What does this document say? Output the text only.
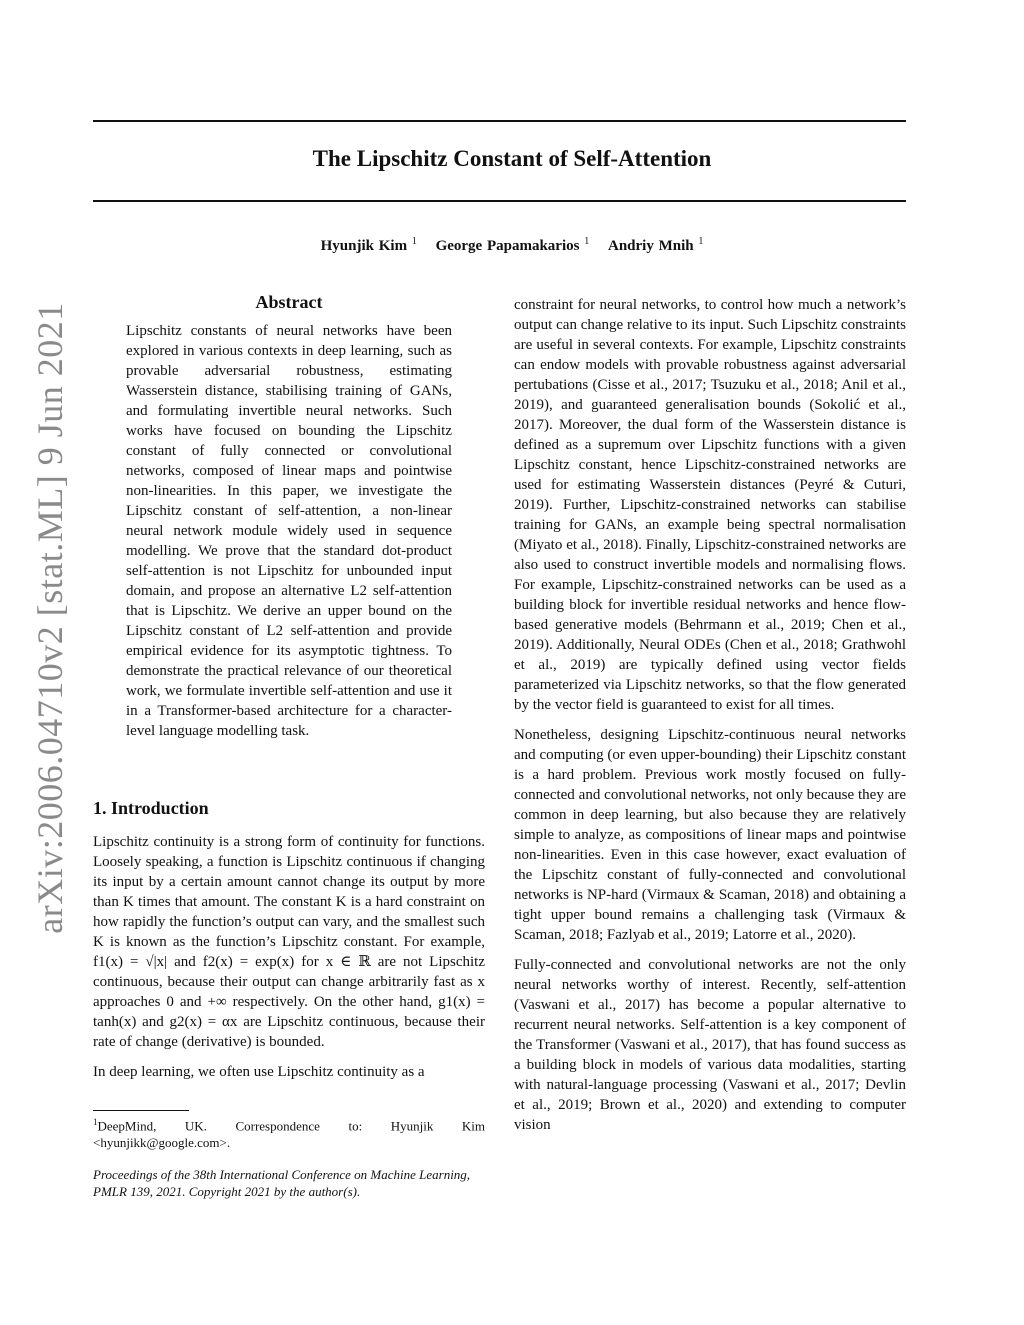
The Lipschitz Constant of Self-Attention
Hyunjik Kim $^1$ George Papamakarios $^1$ Andriy Mnih $^1$
arXiv:2006.04710v2 [stat.ML] 9 Jun 2021
Abstract

Lipschitz constants of neural networks have been explored in various contexts in deep learning, such as provable adversarial robustness, estimating Wasserstein distance, stabilising training of GANs, and formulating invertible neural networks. Such works have focused on bounding the Lipschitz constant of fully connected or convolutional networks, composed of linear maps and pointwise non-linearities. In this paper, we investigate the Lipschitz constant of self-attention, a non-linear neural network module widely used in sequence modelling. We prove that the standard dot-product self-attention is not Lipschitz for unbounded input domain, and propose an alternative L2 self-attention that is Lipschitz. We derive an upper bound on the Lipschitz constant of L2 self-attention and provide empirical evidence for its asymptotic tightness. To demonstrate the practical relevance of our theoretical work, we formulate invertible self-attention and use it in a Transformer-based architecture for a character-level language modelling task.

1. Introduction

Lipschitz continuity is a strong form of continuity for functions. Loosely speaking, a function is Lipschitz continuous if changing its input by a certain amount cannot change its output by more than K times that amount. The constant K is a hard constraint on how rapidly the function’s output can vary, and the smallest such K is known as the function’s Lipschitz constant. For example, f1(x) = √|x| and f2(x) = exp(x) for x ∈ ℝ are not Lipschitz continuous, because their output can change arbitrarily fast as x approaches 0 and +∞ respectively. On the other hand, g1(x) = tanh(x) and g2(x) = αx are Lipschitz continuous, because their rate of change (derivative) is bounded.

In deep learning, we often use Lipschitz continuity as a

$^1$DeepMind, UK. Correspondence to: Hyunjik Kim <hyunjikk@google.com>.
Proceedings of the 38th International Conference on Machine Learning, PMLR 139, 2021. Copyright 2021 by the author(s).

constraint for neural networks, to control how much a network’s output can change relative to its input. Such Lipschitz constraints are useful in several contexts. For example, Lipschitz constraints can endow models with provable robustness against adversarial pertubations (Cisse et al., 2017; Tsuzuku et al., 2018; Anil et al., 2019), and guaranteed generalisation bounds (Sokolić et al., 2017). Moreover, the dual form of the Wasserstein distance is defined as a supremum over Lipschitz functions with a given Lipschitz constant, hence Lipschitz-constrained networks are used for estimating Wasserstein distances (Peyré & Cuturi, 2019). Further, Lipschitz-constrained networks can stabilise training for GANs, an example being spectral normalisation (Miyato et al., 2018). Finally, Lipschitz-constrained networks are also used to construct invertible models and normalising flows. For example, Lipschitz-constrained networks can be used as a building block for invertible residual networks and hence flow-based generative models (Behrmann et al., 2019; Chen et al., 2019). Additionally, Neural ODEs (Chen et al., 2018; Grathwohl et al., 2019) are typically defined using vector fields parameterized via Lipschitz networks, so that the flow generated by the vector field is guaranteed to exist for all times.

Nonetheless, designing Lipschitz-continuous neural networks and computing (or even upper-bounding) their Lipschitz constant is a hard problem. Previous work mostly focused on fully-connected and convolutional networks, not only because they are common in deep learning, but also because they are relatively simple to analyze, as compositions of linear maps and pointwise non-linearities. Even in this case however, exact evaluation of the Lipschitz constant of fully-connected and convolutional networks is NP-hard (Virmaux & Scaman, 2018) and obtaining a tight upper bound remains a challenging task (Virmaux & Scaman, 2018; Fazlyab et al., 2019; Latorre et al., 2020).

Fully-connected and convolutional networks are not the only neural networks worthy of interest. Recently, self-attention (Vaswani et al., 2017) has become a popular alternative to recurrent neural networks. Self-attention is a key component of the Transformer (Vaswani et al., 2017), that has found success as a building block in models of various data modalities, starting with natural-language processing (Vaswani et al., 2017; Devlin et al., 2019; Brown et al., 2020) and extending to computer vision
